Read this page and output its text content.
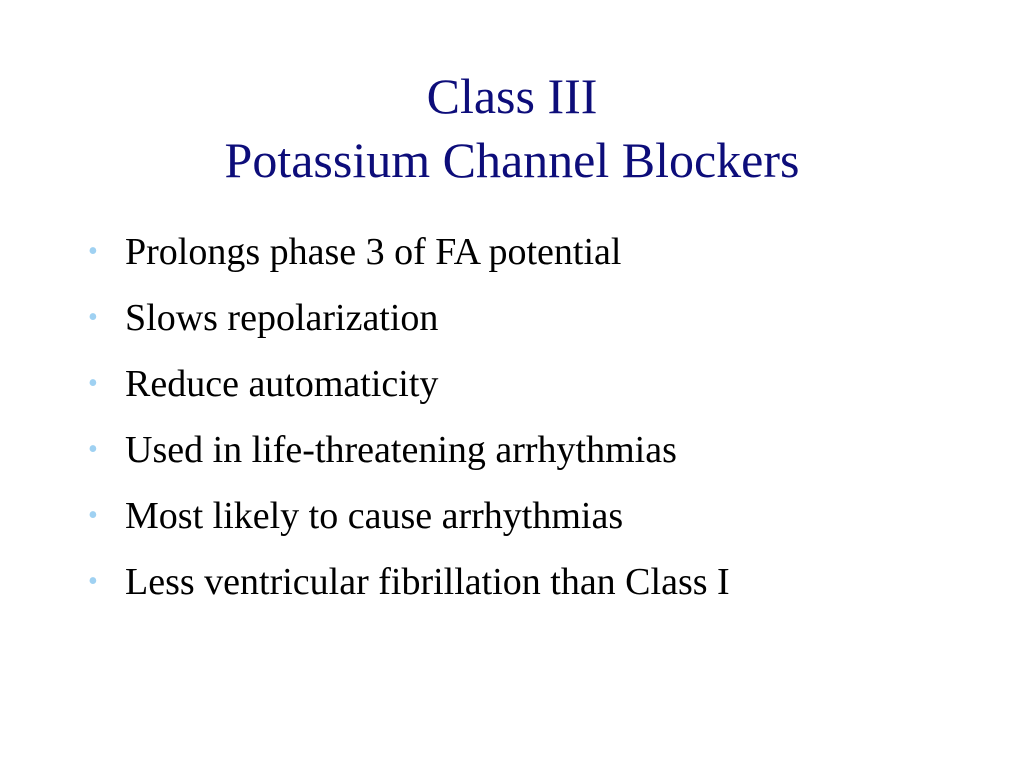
Class III
Potassium Channel Blockers
• Prolongs phase 3 of FA potential
• Slows repolarization
• Reduce automaticity
• Used in life-threatening arrhythmias
• Most likely to cause arrhythmias
• Less ventricular fibrillation than Class I
